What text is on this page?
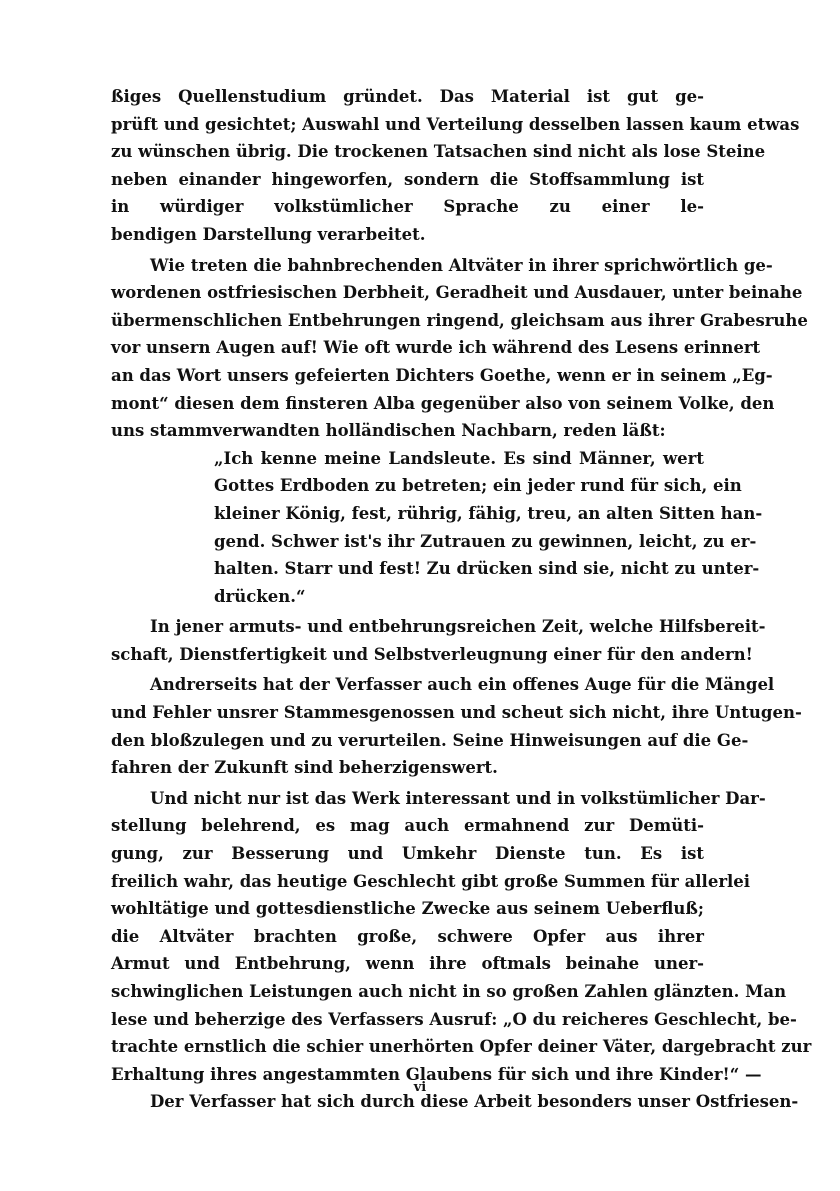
ßiges Quellenstudium gründet. Das Material ist gut ge-
prüft und gesichtet; Auswahl und Verteilung desselben lassen kaum etwas
zu wünschen übrig. Die trockenen Tatsachen sind nicht als lose Steine
neben einander hingeworfen, sondern die Stoffsammlung ist
in würdiger volkstümlicher Sprache zu einer le-
bendigen Darstellung verarbeitet.
Wie treten die bahnbrechenden Altväter in ihrer sprichwörtlich ge-
wordenen ostfriesischen Derbheit, Geradheit und Ausdauer, unter beinahe
übermenschlichen Entbehrungen ringend, gleichsam aus ihrer Grabesruhe
vor unsern Augen auf! Wie oft wurde ich während des Lesens erinnert
an das Wort unsers gefeierten Dichters Goethe, wenn er in seinem „Eg-
mont“ diesen dem finsteren Alba gegenüber also von seinem Volke, den
uns stammverwandten holländischen Nachbarn, reden läßt:
„Ich kenne meine Landsleute. Es sind Männer, wert
Gottes Erdboden zu betreten; ein jeder rund für sich, ein
kleiner König, fest, rührig, fähig, treu, an alten Sitten han-
gend. Schwer ist's ihr Zutrauen zu gewinnen, leicht, zu er-
halten. Starr und fest! Zu drücken sind sie, nicht zu unter-
drücken.“
In jener armuts- und entbehrungsreichen Zeit, welche Hilfsbereit-
schaft, Dienstfertigkeit und Selbstverleugnung einer für den andern!
Andrerseits hat der Verfasser auch ein offenes Auge für die Mängel
und Fehler unsrer Stammesgenossen und scheut sich nicht, ihre Untugen-
den bloßzulegen und zu verurteilen. Seine Hinweisungen auf die Ge-
fahren der Zukunft sind beherzigenswert.
Und nicht nur ist das Werk interessant und in volkstümlicher Dar-
stellung belehrend, es mag auch ermahnend zur Demüti-
gung, zur Besserung und Umkehr Dienste tun. Es ist
freilich wahr, das heutige Geschlecht gibt große Summen für allerlei
wohltätige und gottesdienstliche Zwecke aus seinem Ueberfluß;
die Altväter brachten große, schwere Opfer aus ihrer
Armut und Entbehrung, wenn ihre oftmals beinahe uner-
schwinglichen Leistungen auch nicht in so großen Zahlen glänzten. Man
lese und beherzige des Verfassers Ausruf: „O du reicheres Geschlecht, be-
trachte ernstlich die schier unerhörten Opfer deiner Väter, dargebracht zur
Erhaltung ihres angestammten Glaubens für sich und ihre Kinder!“ —
Der Verfasser hat sich durch diese Arbeit besonders unser Ostfriesen-
vi
